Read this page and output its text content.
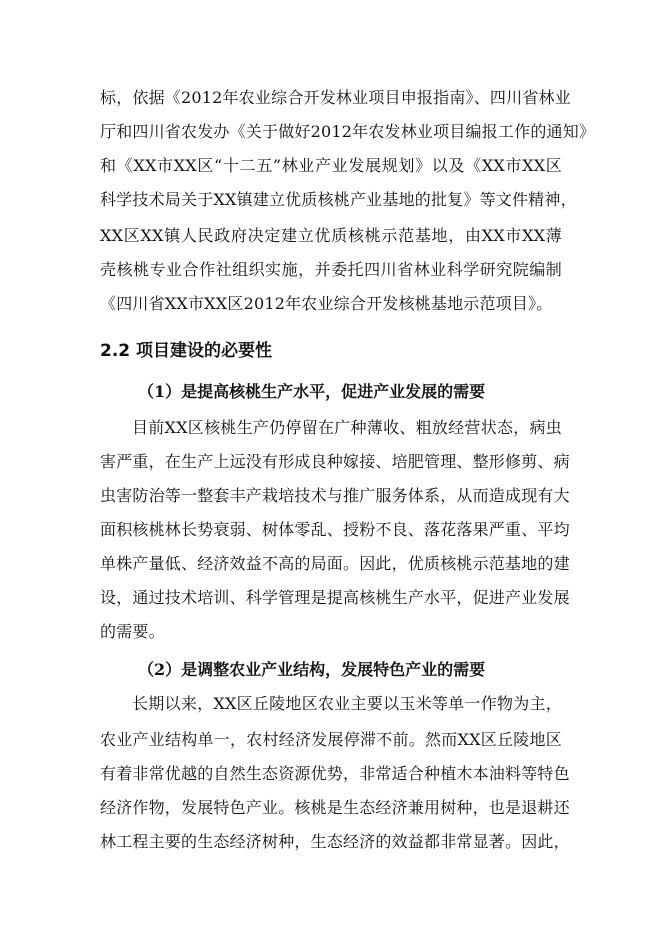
标，依据《2012年农业综合开发林业项目申报指南》、四川省林业
厅和四川省农发办《关于做好2012年农发林业项目编报工作的通知》
和《XX市XX区“十二五”林业产业发展规划》以及《XX市XX区
科学技术局关于XX镇建立优质核桃产业基地的批复》等文件精神，
XX区XX镇人民政府决定建立优质核桃示范基地，由XX市XX薄
壳核桃专业合作社组织实施，并委托四川省林业科学研究院编制
《四川省XX市XX区2012年农业综合开发核桃基地示范项目》。
2.2 项目建设的必要性
（1）是提高核桃生产水平，促进产业发展的需要
目前XX区核桃生产仍停留在广种薄收、粗放经营状态，病虫
害严重，在生产上远没有形成良种嫁接、培肥管理、整形修剪、病
虫害防治等一整套丰产栽培技术与推广服务体系，从而造成现有大
面积核桃林长势衰弱、树体零乱、授粉不良、落花落果严重、平均
单株产量低、经济效益不高的局面。因此，优质核桃示范基地的建
设，通过技术培训、科学管理是提高核桃生产水平，促进产业发展
的需要。
（2）是调整农业产业结构，发展特色产业的需要
长期以来，XX区丘陵地区农业主要以玉米等单一作物为主，
农业产业结构单一，农村经济发展停滞不前。然而XX区丘陵地区
有着非常优越的自然生态资源优势，非常适合种植木本油料等特色
经济作物，发展特色产业。核桃是生态经济兼用树种，也是退耕还
林工程主要的生态经济树种，生态经济的效益都非常显著。因此，
